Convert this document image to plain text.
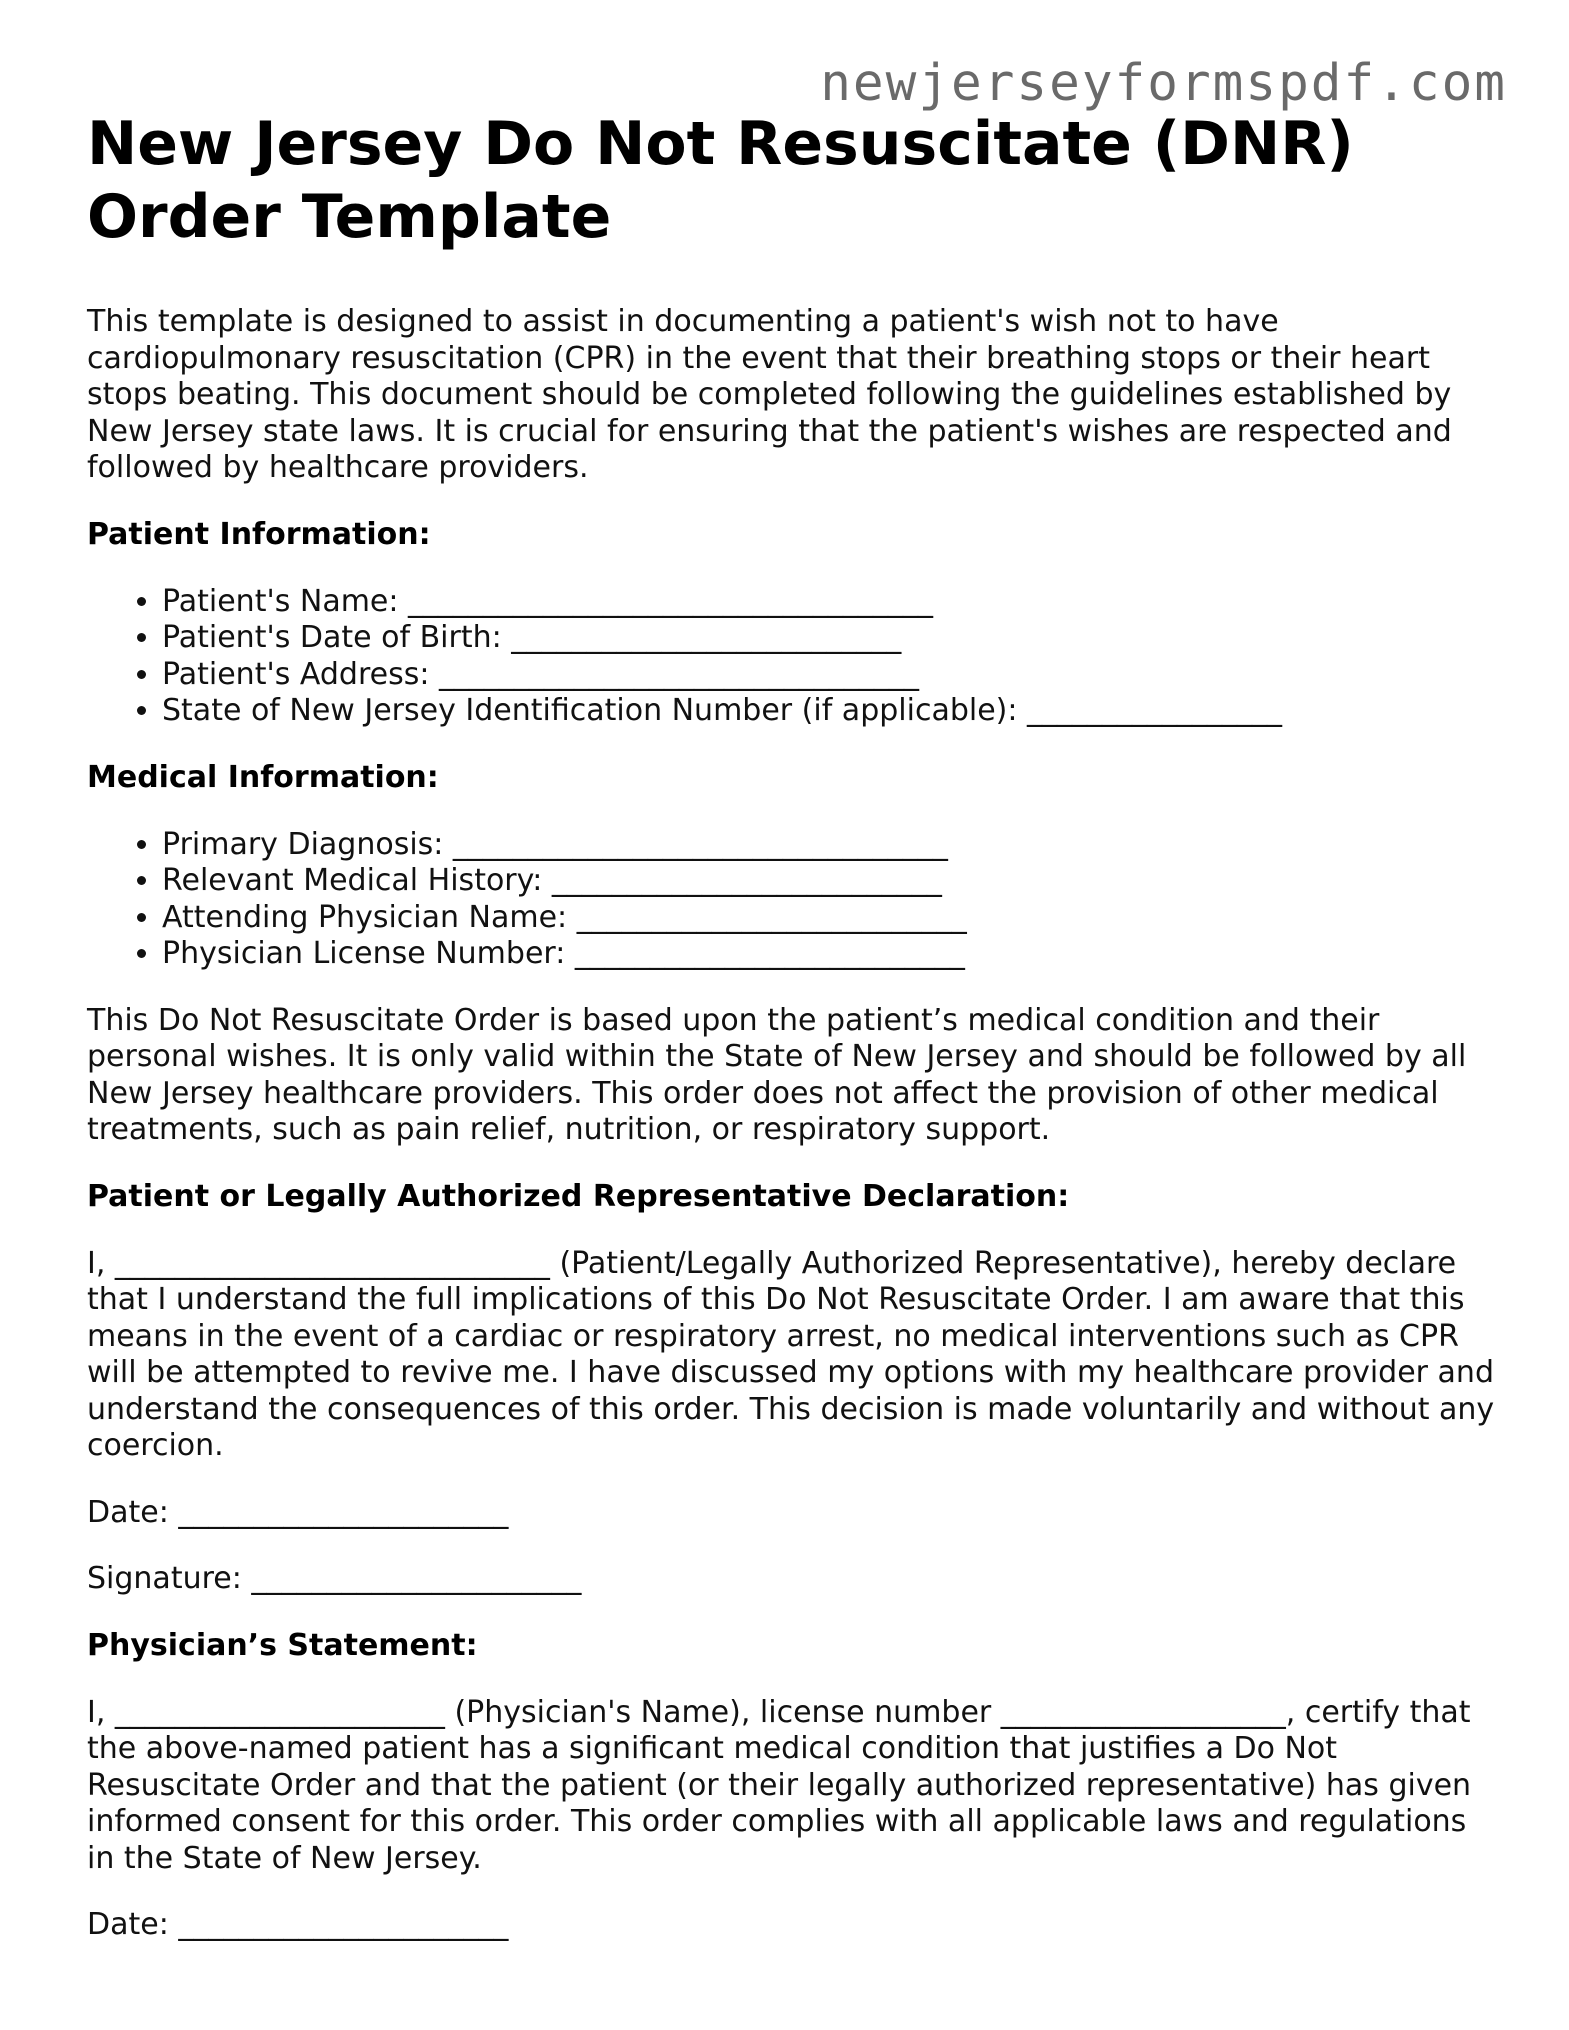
newjerseyformspdf.com
New Jersey Do Not Resuscitate (DNR) Order Template

This template is designed to assist in documenting a patient's wish not to have cardiopulmonary resuscitation (CPR) in the event that their breathing stops or their heart stops beating. This document should be completed following the guidelines established by New Jersey state laws. It is crucial for ensuring that the patient's wishes are respected and followed by healthcare providers.

Patient Information:
• Patient's Name: ___________________________________
• Patient's Date of Birth: __________________________
• Patient's Address: ________________________________
• State of New Jersey Identification Number (if applicable): _________________
Medical Information:
• Primary Diagnosis: _________________________________
• Relevant Medical History: __________________________
• Attending Physician Name: __________________________
• Physician License Number: __________________________

This Do Not Resuscitate Order is based upon the patient’s medical condition and their personal wishes. It is only valid within the State of New Jersey and should be followed by all New Jersey healthcare providers. This order does not affect the provision of other medical treatments, such as pain relief, nutrition, or respiratory support.

Patient or Legally Authorized Representative Declaration:

I, _____________________________ (Patient/Legally Authorized Representative), hereby declare that I understand the full implications of this Do Not Resuscitate Order. I am aware that this means in the event of a cardiac or respiratory arrest, no medical interventions such as CPR will be attempted to revive me. I have discussed my options with my healthcare provider and understand the consequences of this order. This decision is made voluntarily and without any coercion.

Date: ______________________

Signature: ______________________

Physician’s Statement:

I, ______________________ (Physician's Name), license number ___________________, certify that the above-named patient has a significant medical condition that justifies a Do Not Resuscitate Order and that the patient (or their legally authorized representative) has given informed consent for this order. This order complies with all applicable laws and regulations in the State of New Jersey.

Date: ______________________
